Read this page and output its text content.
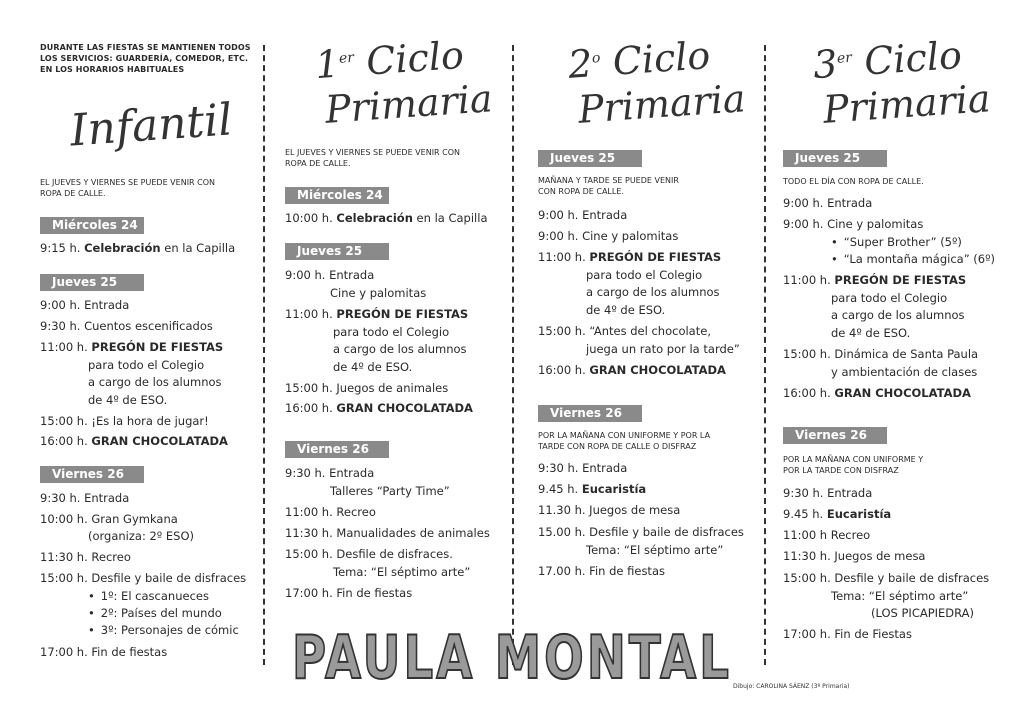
DURANTE LAS FIESTAS SE MANTIENEN TODOS
LOS SERVICIOS: GUARDERÍA, COMEDOR, ETC.
EN LOS HORARIOS HABITUALES
Infantil
EL JUEVES Y VIERNES SE PUEDE VENIR CON
ROPA DE CALLE.
Miércoles 24
9:15 h. Celebración en la Capilla
Jueves 25
9:00 h. Entrada
9:30 h. Cuentos escenificados
11:00 h. PREGÓN DE FIESTAS
para todo el Colegio
a cargo de los alumnos
de 4º de ESO.
15:00 h. ¡Es la hora de jugar!
16:00 h. GRAN CHOCOLATADA
Viernes 26
9:30 h. Entrada
10:00 h. Gran Gymkana
(organiza: 2º ESO)
11:30 h. Recreo
15:00 h. Desfile y baile de disfraces
• 1º: El cascanueces
• 2º: Países del mundo
• 3º: Personajes de cómic
17:00 h. Fin de fiestas
1er Ciclo
Primaria
EL JUEVES Y VIERNES SE PUEDE VENIR CON
ROPA DE CALLE.
Miércoles 24
10:00 h. Celebración en la Capilla
Jueves 25
9:00 h. Entrada
Cine y palomitas
11:00 h. PREGÓN DE FIESTAS
para todo el Colegio
a cargo de los alumnos
de 4º de ESO.
15:00 h. Juegos de animales
16:00 h. GRAN CHOCOLATADA
Viernes 26
9:30 h. Entrada
Talleres “Party Time”
11:00 h. Recreo
11:30 h. Manualidades de animales
15:00 h. Desfile de disfraces.
Tema: “El séptimo arte”
17:00 h. Fin de fiestas
2$^o$ Ciclo
Primaria
Jueves 25
MAÑANA Y TARDE SE PUEDE VENIR
CON ROPA DE CALLE.
9:00 h. Entrada
9:00 h. Cine y palomitas
11:00 h. PREGÓN DE FIESTAS
para todo el Colegio
a cargo de los alumnos
de 4º de ESO.
15:00 h. “Antes del chocolate,
juega un rato por la tarde”
16:00 h. GRAN CHOCOLATADA
Viernes 26
POR LA MAÑANA CON UNIFORME Y POR LA
TARDE CON ROPA DE CALLE O DISFRAZ
9:30 h. Entrada
9.45 h. Eucaristía
11.30 h. Juegos de mesa
15.00 h. Desfile y baile de disfraces
Tema: “El séptimo arte”
17.00 h. Fin de fiestas
3er Ciclo
Primaria
Jueves 25
TODO EL DÍA CON ROPA DE CALLE.
9:00 h. Entrada
9:00 h. Cine y palomitas
• “Super Brother” (5º)
• “La montaña mágica” (6º)
11:00 h. PREGÓN DE FIESTAS
para todo el Colegio
a cargo de los alumnos
de 4º de ESO.
15:00 h. Dinámica de Santa Paula
y ambientación de clases
16:00 h. GRAN CHOCOLATADA
Viernes 26
POR LA MAÑANA CON UNIFORME Y
POR LA TARDE CON DISFRAZ
9:30 h. Entrada
9.45 h. Eucaristía
11:00 h Recreo
11:30 h. Juegos de mesa
15:00 h. Desfile y baile de disfraces
Tema: “El séptimo arte”
(LOS PICAPIEDRA)
17:00 h. Fin de Fiestas
PAULA MONTAL Dibujo: CAROLINA SÁENZ (3º Primaria)
